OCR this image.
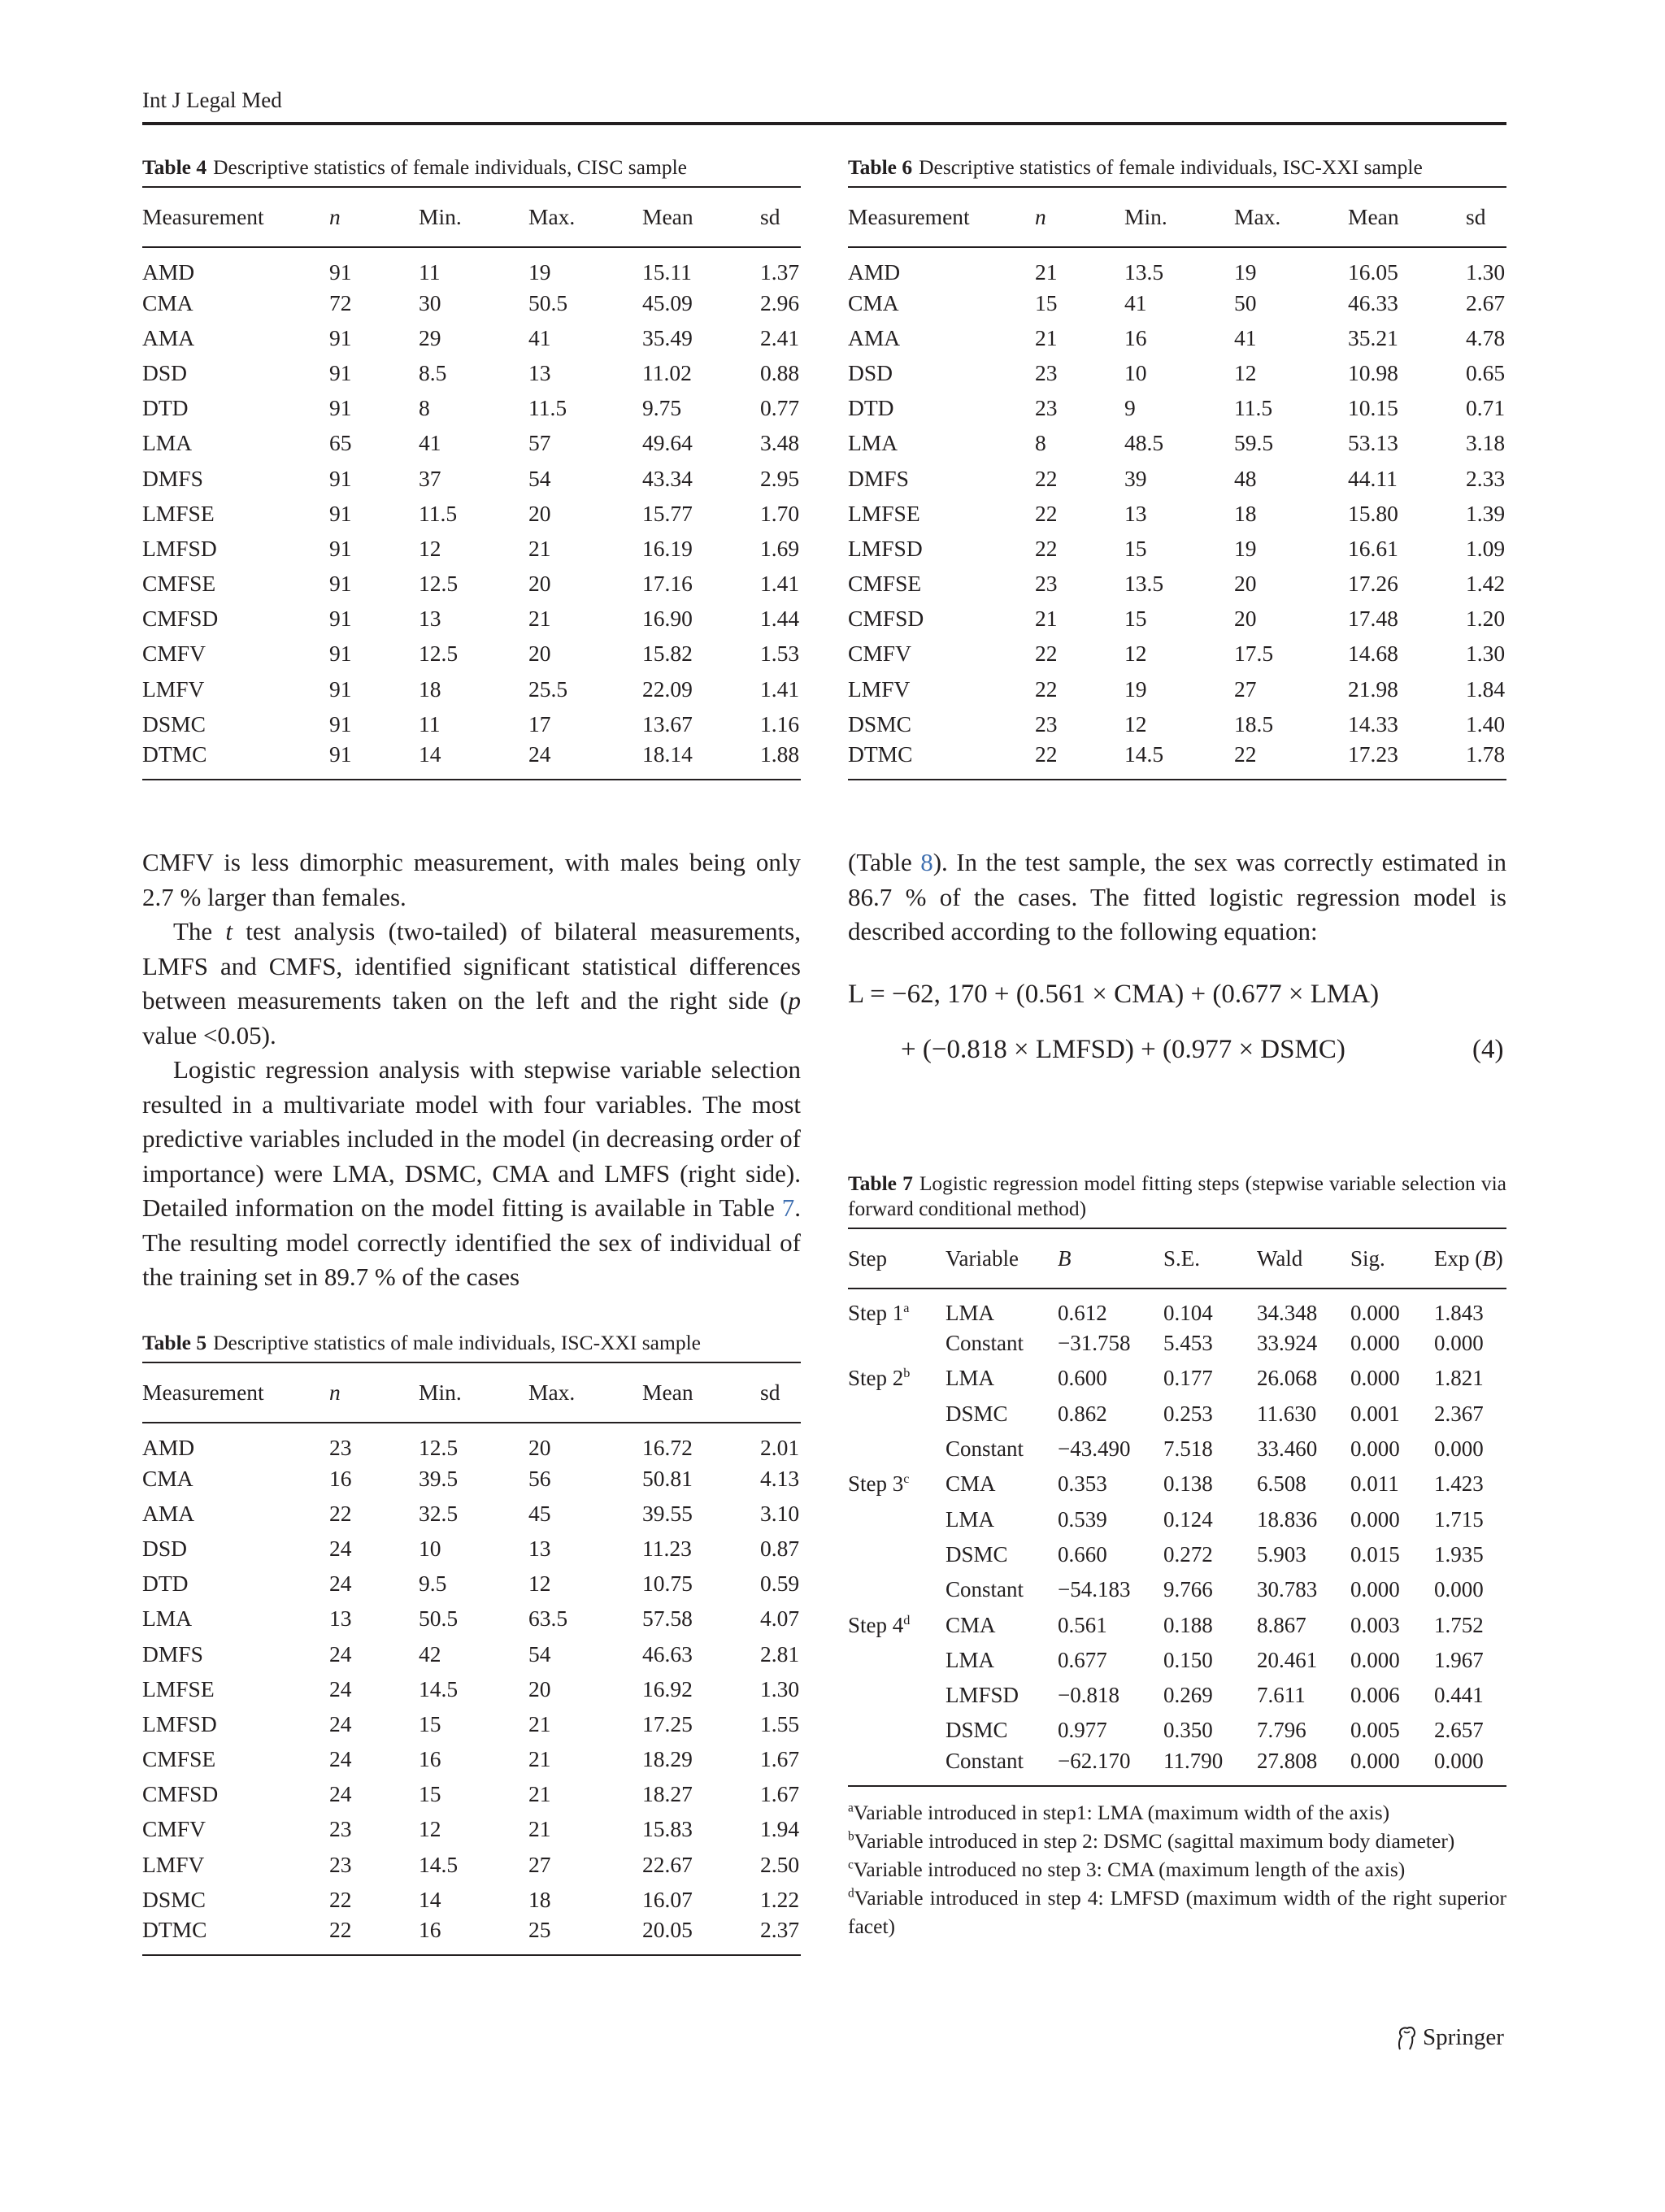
Int J Legal Med
Table 4 Descriptive statistics of female individuals, CISC sample
Measurement	n	Min.	Max.	Mean	sd
AMD	91	11	19	15.11	1.37
CMA	72	30	50.5	45.09	2.96
AMA	91	29	41	35.49	2.41
DSD	91	8.5	13	11.02	0.88
DTD	91	8	11.5	9.75	0.77
LMA	65	41	57	49.64	3.48
DMFS	91	37	54	43.34	2.95
LMFSE	91	11.5	20	15.77	1.70
LMFSD	91	12	21	16.19	1.69
CMFSE	91	12.5	20	17.16	1.41
CMFSD	91	13	21	16.90	1.44
CMFV	91	12.5	20	15.82	1.53
LMFV	91	18	25.5	22.09	1.41
DSMC	91	11	17	13.67	1.16
DTMC	91	14	24	18.14	1.88
Table 6 Descriptive statistics of female individuals, ISC-XXI sample
Measurement	n	Min.	Max.	Mean	sd
AMD	21	13.5	19	16.05	1.30
CMA	15	41	50	46.33	2.67
AMA	21	16	41	35.21	4.78
DSD	23	10	12	10.98	0.65
DTD	23	9	11.5	10.15	0.71
LMA	8	48.5	59.5	53.13	3.18
DMFS	22	39	48	44.11	2.33
LMFSE	22	13	18	15.80	1.39
LMFSD	22	15	19	16.61	1.09
CMFSE	23	13.5	20	17.26	1.42
CMFSD	21	15	20	17.48	1.20
CMFV	22	12	17.5	14.68	1.30
LMFV	22	19	27	21.98	1.84
DSMC	23	12	18.5	14.33	1.40
DTMC	22	14.5	22	17.23	1.78

CMFV is less dimorphic measurement, with males being only 2.7 % larger than females.

The t test analysis (two-tailed) of bilateral measurements, LMFS and CMFS, identified significant statistical differences between measurements taken on the left and the right side (p value <0.05).

Logistic regression analysis with stepwise variable selection resulted in a multivariate model with four variables. The most predictive variables included in the model (in decreasing order of importance) were LMA, DSMC, CMA and LMFS (right side). Detailed information on the model fitting is available in Table 7. The resulting model correctly identified the sex of individual of the training set in 89.7 % of the cases

Table 5 Descriptive statistics of male individuals, ISC-XXI sample
Measurement	n	Min.	Max.	Mean	sd
AMD	23	12.5	20	16.72	2.01
CMA	16	39.5	56	50.81	4.13
AMA	22	32.5	45	39.55	3.10
DSD	24	10	13	11.23	0.87
DTD	24	9.5	12	10.75	0.59
LMA	13	50.5	63.5	57.58	4.07
DMFS	24	42	54	46.63	2.81
LMFSE	24	14.5	20	16.92	1.30
LMFSD	24	15	21	17.25	1.55
CMFSE	24	16	21	18.29	1.67
CMFSD	24	15	21	18.27	1.67
CMFV	23	12	21	15.83	1.94
LMFV	23	14.5	27	22.67	2.50
DSMC	22	14	18	16.07	1.22
DTMC	22	16	25	20.05	2.37

(Table 8). In the test sample, the sex was correctly estimated in 86.7 % of the cases. The fitted logistic regression model is described according to the following equation:

L = −62, 170 + (0.561 × CMA) + (0.677 × LMA)
+ (−0.818 × LMFSD) + (0.977 × DSMC)	(4)
Table 7 Logistic regression model fitting steps (stepwise variable selection via forward conditional method)
Step	Variable	B	S.E.	Wald	Sig.	Exp (B)
Step 1$^a$	LMA	0.612	0.104	34.348	0.000	1.843
	Constant	−31.758	5.453	33.924	0.000	0.000
Step 2$^b$	LMA	0.600	0.177	26.068	0.000	1.821
	DSMC	0.862	0.253	11.630	0.001	2.367
	Constant	−43.490	7.518	33.460	0.000	0.000
Step 3$^c$	CMA	0.353	0.138	6.508	0.011	1.423
	LMA	0.539	0.124	18.836	0.000	1.715
	DSMC	0.660	0.272	5.903	0.015	1.935
	Constant	−54.183	9.766	30.783	0.000	0.000
Step 4$^d$	CMA	0.561	0.188	8.867	0.003	1.752
	LMA	0.677	0.150	20.461	0.000	1.967
	LMFSD	−0.818	0.269	7.611	0.006	0.441
	DSMC	0.977	0.350	7.796	0.005	2.657
	Constant	−62.170	11.790	27.808	0.000	0.000

$^a$Variable introduced in step1: LMA (maximum width of the axis)

$^b$Variable introduced in step 2: DSMC (sagittal maximum body diameter)

$^c$Variable introduced no step 3: CMA (maximum length of the axis)

$^d$Variable introduced in step 4: LMFSD (maximum width of the right superior facet)

Springer
